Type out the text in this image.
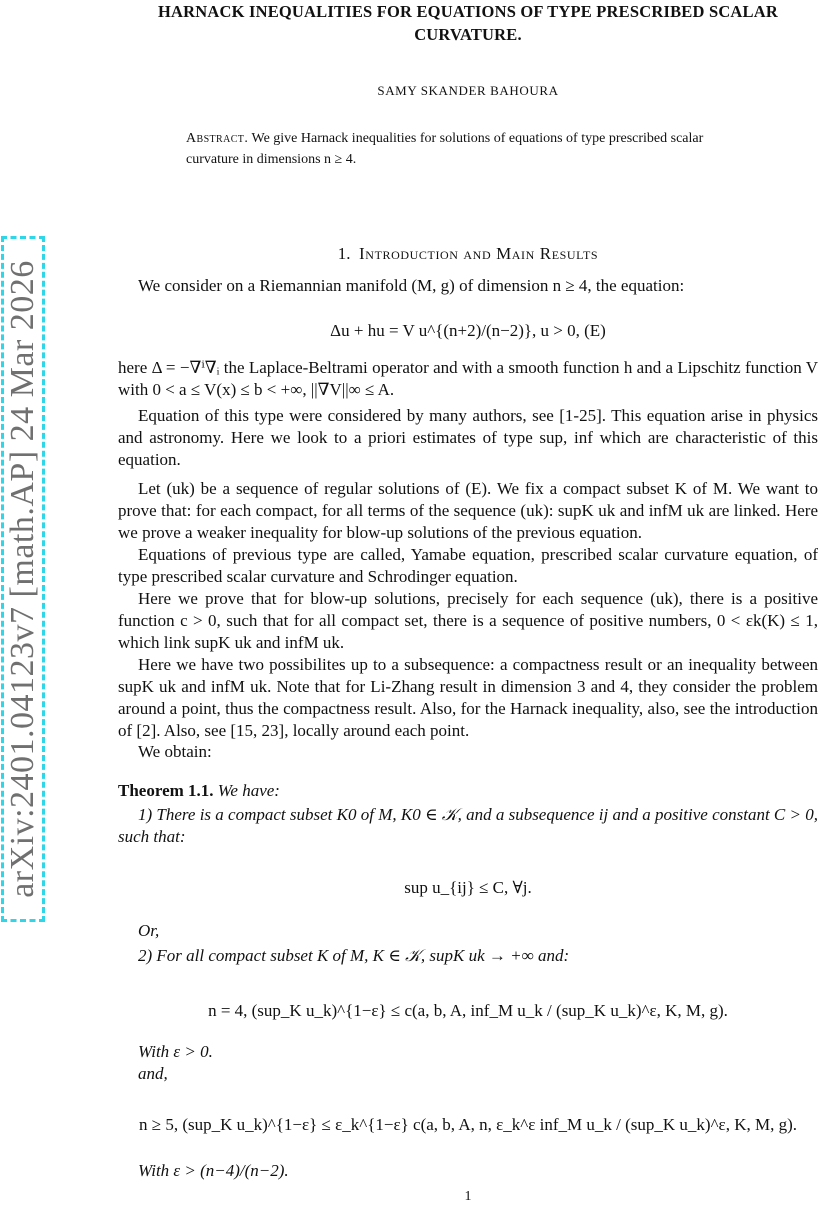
arXiv:2401.04123v7 [math.AP] 24 Mar 2026
HARNACK INEQUALITIES FOR EQUATIONS OF TYPE PRESCRIBED SCALAR
CURVATURE.
SAMY SKANDER BAHOURA
Abstract. We give Harnack inequalities for solutions of equations of type prescribed scalar curvature in dimensions n ≥ 4.
1. Introduction and Main Results
We consider on a Riemannian manifold (M, g) of dimension n ≥ 4, the equation:
Δu + hu = V u^{(n+2)/(n−2)}, u > 0, (E)
here Δ = −∇ⁱ∇ᵢ the Laplace-Beltrami operator and with a smooth function h and a Lipschitz function V with 0 < a ≤ V(x) ≤ b < +∞, ||∇V||∞ ≤ A.
Equation of this type were considered by many authors, see [1-25]. This equation arise in physics and astronomy. Here we look to a priori estimates of type sup, inf which are characteristic of this equation.
Let (uk) be a sequence of regular solutions of (E). We fix a compact subset K of M. We want to prove that: for each compact, for all terms of the sequence (uk): supK uk and infM uk are linked. Here we prove a weaker inequality for blow-up solutions of the previous equation.
Equations of previous type are called, Yamabe equation, prescribed scalar curvature equation, of type prescribed scalar curvature and Schrodinger equation.
Here we prove that for blow-up solutions, precisely for each sequence (uk), there is a positive function c > 0, such that for all compact set, there is a sequence of positive numbers, 0 < εk(K) ≤ 1, which link supK uk and infM uk.
Here we have two possibilites up to a subsequence: a compactness result or an inequality between supK uk and infM uk. Note that for Li-Zhang result in dimension 3 and 4, they consider the problem around a point, thus the compactness result. Also, for the Harnack inequality, also, see the introduction of [2]. Also, see [15, 23], locally around each point.
We obtain:
Theorem 1.1. We have:
1) There is a compact subset K0 of M, K0 ∈ 𝒦, and a subsequence ij and a positive constant C > 0, such that:
sup u_{ij} ≤ C, ∀j.
Or,
2) For all compact subset K of M, K ∈ 𝒦, supK uk → +∞ and:
n = 4, (sup_K u_k)^{1−ε} ≤ c(a, b, A, inf_M u_k / (sup_K u_k)^ε, K, M, g).
With ε > 0.
and,
n ≥ 5, (sup_K u_k)^{1−ε} ≤ ε_k^{1−ε} c(a, b, A, n, ε_k^ε inf_M u_k / (sup_K u_k)^ε, K, M, g).
With ε > (n−4)/(n−2).
1
